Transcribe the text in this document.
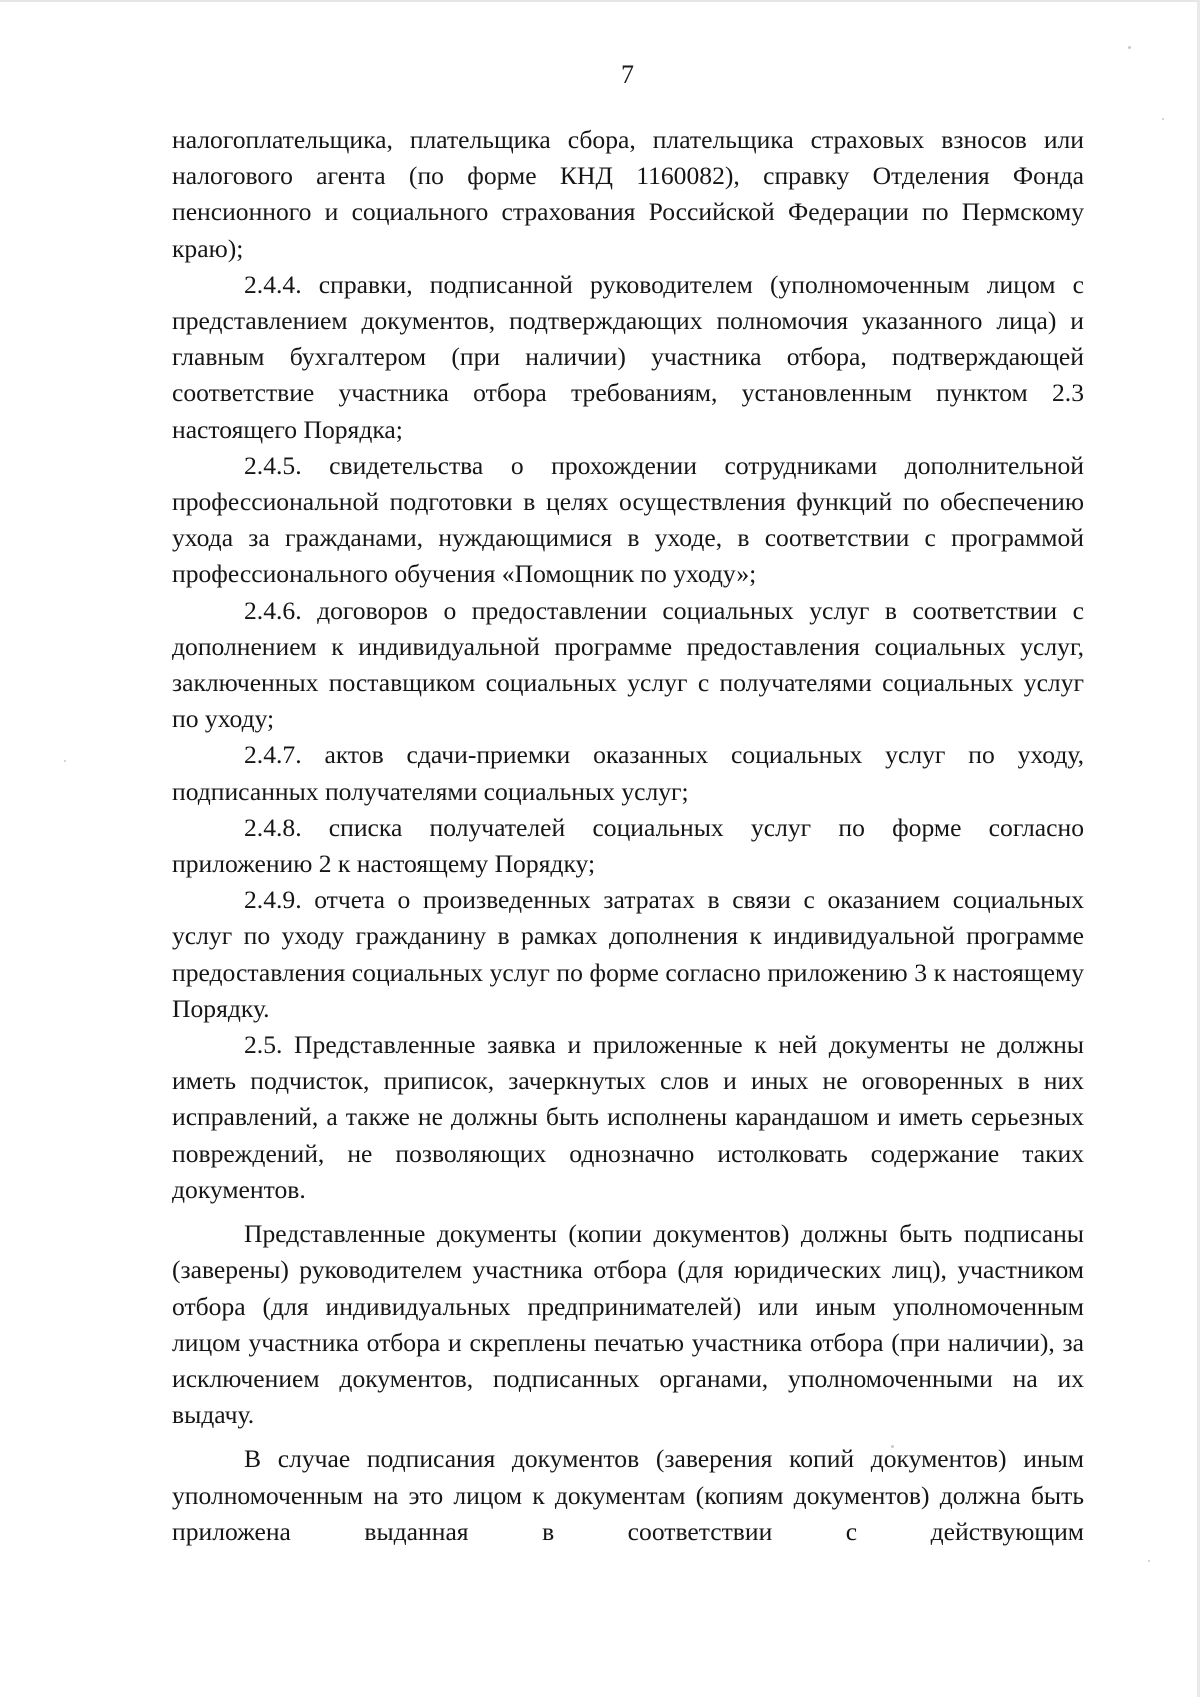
7

налогоплательщика, плательщика сбора, плательщика страховых взносов или налогового агента (по форме КНД 1160082), справку Отделения Фонда пенсионного и социального страхования Российской Федерации по Пермскому краю);

2.4.4. справки, подписанной руководителем (уполномоченным лицом с представлением документов, подтверждающих полномочия указанного лица) и главным бухгалтером (при наличии) участника отбора, подтверждающей соответствие участника отбора требованиям, установленным пунктом 2.3 настоящего Порядка;

2.4.5. свидетельства о прохождении сотрудниками дополнительной профессиональной подготовки в целях осуществления функций по обеспечению ухода за гражданами, нуждающимися в уходе, в соответствии с программой профессионального обучения «Помощник по уходу»;

2.4.6. договоров о предоставлении социальных услуг в соответствии с дополнением к индивидуальной программе предоставления социальных услуг, заключенных поставщиком социальных услуг с получателями социальных услуг по уходу;

2.4.7. актов сдачи-приемки оказанных социальных услуг по уходу, подписанных получателями социальных услуг;

2.4.8. списка получателей социальных услуг по форме согласно приложению 2 к настоящему Порядку;

2.4.9. отчета о произведенных затратах в связи с оказанием социальных услуг по уходу гражданину в рамках дополнения к индивидуальной программе предоставления социальных услуг по форме согласно приложению 3 к настоящему Порядку.

2.5. Представленные заявка и приложенные к ней документы не должны иметь подчисток, приписок, зачеркнутых слов и иных не оговоренных в них исправлений, а также не должны быть исполнены карандашом и иметь серьезных повреждений, не позволяющих однозначно истолковать содержание таких документов.

Представленные документы (копии документов) должны быть подписаны (заверены) руководителем участника отбора (для юридических лиц), участником отбора (для индивидуальных предпринимателей) или иным уполномоченным лицом участника отбора и скреплены печатью участника отбора (при наличии), за исключением документов, подписанных органами, уполномоченными на их выдачу.

В случае подписания документов (заверения копий документов) иным уполномоченным на это лицом к документам (копиям документов) должна быть приложена выданная в соответствии с действующим
